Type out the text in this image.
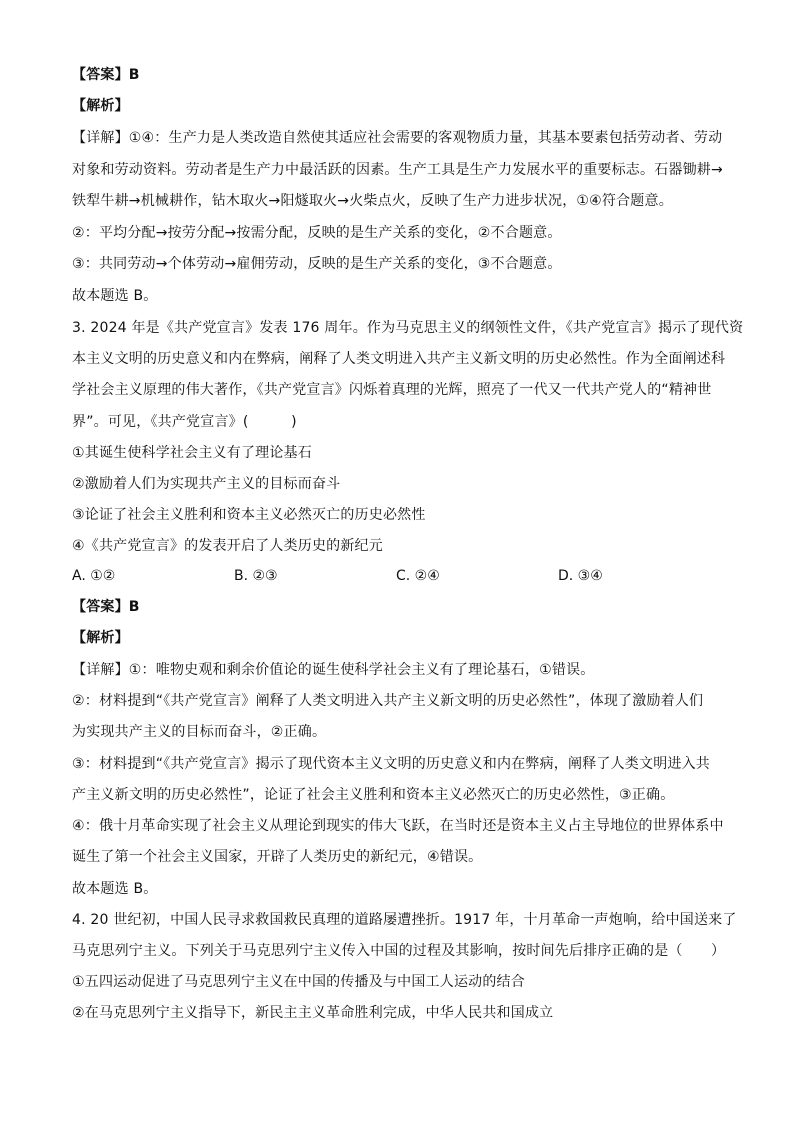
【答案】B
【解析】
【详解】①④：生产力是人类改造自然使其适应社会需要的客观物质力量，其基本要素包括劳动者、劳动
对象和劳动资料。劳动者是生产力中最活跃的因素。生产工具是生产力发展水平的重要标志。石器锄耕→
铁犁牛耕→机械耕作，钻木取火→阳燧取火→火柴点火，反映了生产力进步状况，①④符合题意。
②：平均分配→按劳分配→按需分配，反映的是生产关系的变化，②不合题意。
③：共同劳动→个体劳动→雇佣劳动，反映的是生产关系的变化，③不合题意。
故本题选 B。
3. 2024 年是《共产党宣言》发表 176 周年。作为马克思主义的纲领性文件，《共产党宣言》揭示了现代资
本主义文明的历史意义和内在弊病，阐释了人类文明进入共产主义新文明的历史必然性。作为全面阐述科
学社会主义原理的伟大著作，《共产党宣言》闪烁着真理的光辉，照亮了一代又一代共产党人的“精神世
界”。可见，《共产党宣言》(　　　)
①其诞生使科学社会主义有了理论基石
②激励着人们为实现共产主义的目标而奋斗
③论证了社会主义胜利和资本主义必然灭亡的历史必然性
④《共产党宣言》的发表开启了人类历史的新纪元
A. ①②	B. ②③	C. ②④	D. ③④
【答案】B
【解析】
【详解】①：唯物史观和剩余价值论的诞生使科学社会主义有了理论基石，①错误。
②：材料提到“《共产党宣言》阐释了人类文明进入共产主义新文明的历史必然性”，体现了激励着人们
为实现共产主义的目标而奋斗，②正确。
③：材料提到“《共产党宣言》揭示了现代资本主义文明的历史意义和内在弊病，阐释了人类文明进入共
产主义新文明的历史必然性”，论证了社会主义胜利和资本主义必然灭亡的历史必然性，③正确。
④：俄十月革命实现了社会主义从理论到现实的伟大飞跃，在当时还是资本主义占主导地位的世界体系中
诞生了第一个社会主义国家，开辟了人类历史的新纪元，④错误。
故本题选 B。
4. 20 世纪初，中国人民寻求救国救民真理的道路屡遭挫折。1917 年，十月革命一声炮响，给中国送来了
马克思列宁主义。下列关于马克思列宁主义传入中国的过程及其影响，按时间先后排序正确的是（　　）
①五四运动促进了马克思列宁主义在中国的传播及与中国工人运动的结合
②在马克思列宁主义指导下，新民主主义革命胜利完成，中华人民共和国成立
